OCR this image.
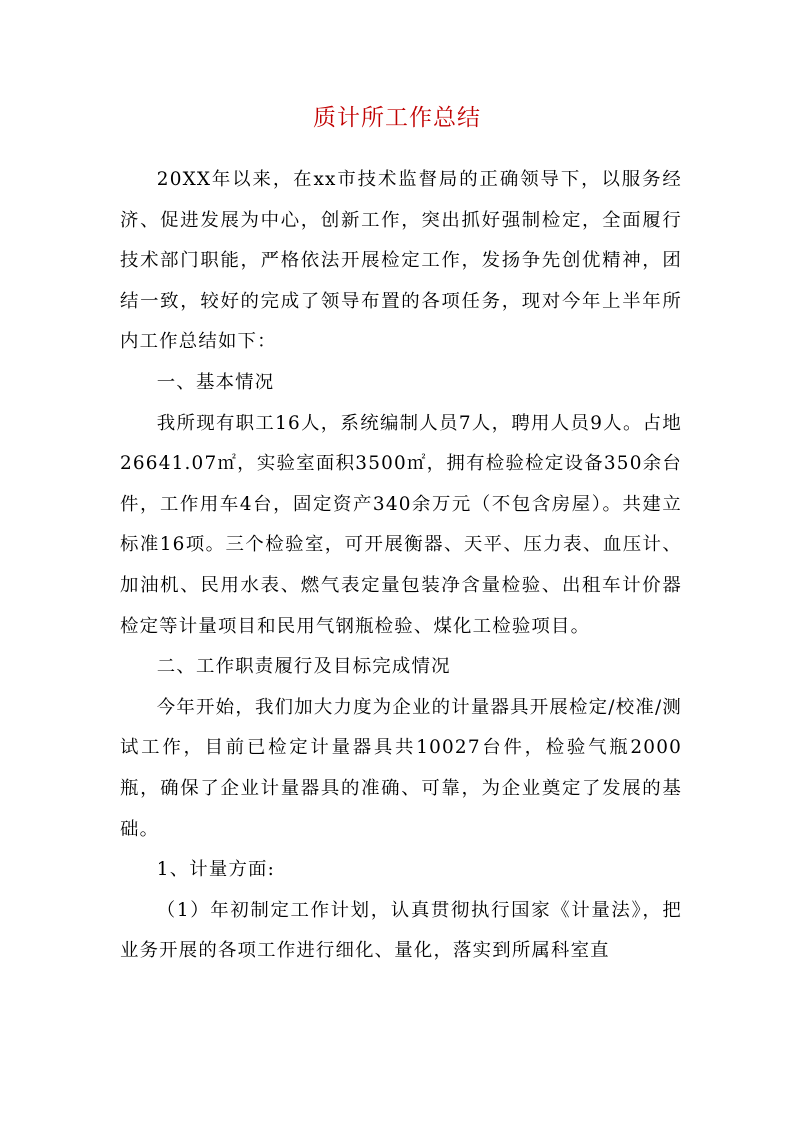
质计所工作总结

20XX年以来，在xx市技术监督局的正确领导下，以服务经济、促进发展为中心，创新工作，突出抓好强制检定，全面履行技术部门职能，严格依法开展检定工作，发扬争先创优精神，团结一致，较好的完成了领导布置的各项任务，现对今年上半年所内工作总结如下：

一、基本情况

我所现有职工16人，系统编制人员7人，聘用人员9人。占地26641.07㎡，实验室面积3500㎡，拥有检验检定设备350余台件，工作用车4台，固定资产340余万元（不包含房屋）。共建立标准16项。三个检验室，可开展衡器、天平、压力表、血压计、加油机、民用水表、燃气表定量包装净含量检验、出租车计价器检定等计量项目和民用气钢瓶检验、煤化工检验项目。

二、工作职责履行及目标完成情况

今年开始，我们加大力度为企业的计量器具开展检定/校准/测试工作，目前已检定计量器具共10027台件，检验气瓶2000瓶，确保了企业计量器具的准确、可靠，为企业奠定了发展的基础。

1、计量方面:

（1）年初制定工作计划，认真贯彻执行国家《计量法》，把业务开展的各项工作进行细化、量化，落实到所属科室直
